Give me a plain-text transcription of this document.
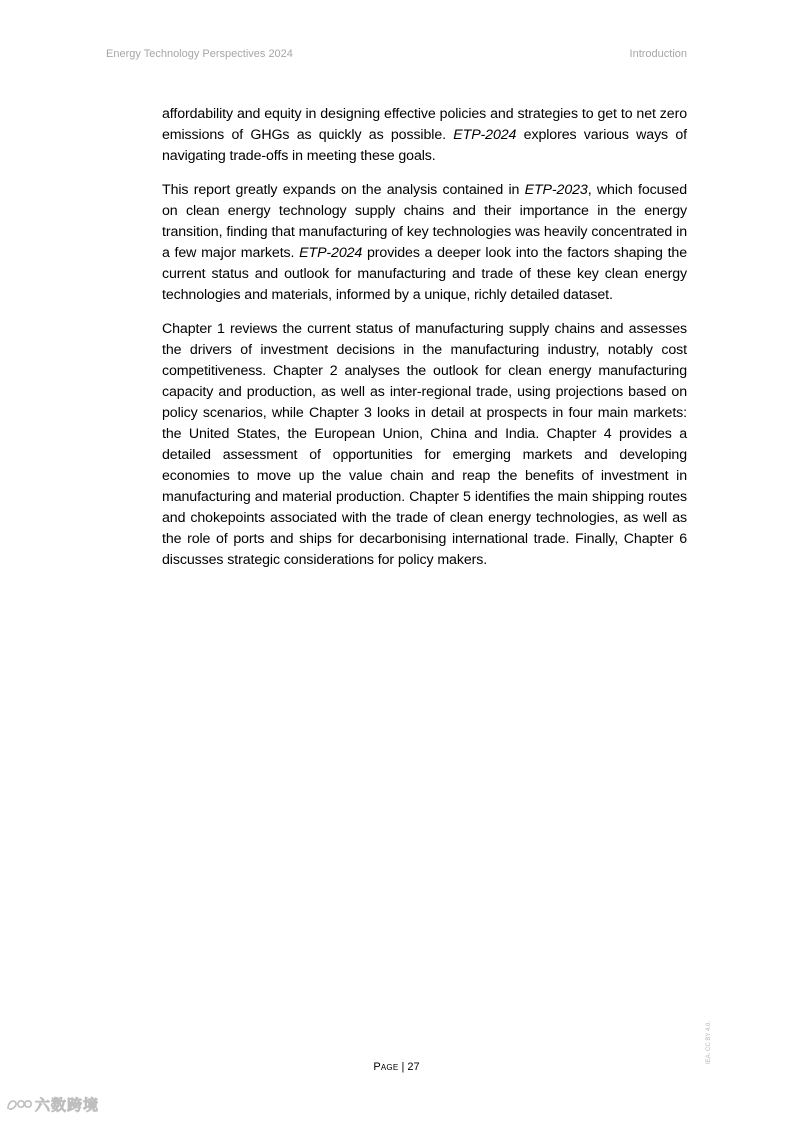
Energy Technology Perspectives 2024	Introduction

affordability and equity in designing effective policies and strategies to get to net zero emissions of GHGs as quickly as possible. ETP-2024 explores various ways of navigating trade-offs in meeting these goals.

This report greatly expands on the analysis contained in ETP-2023, which focused on clean energy technology supply chains and their importance in the energy transition, finding that manufacturing of key technologies was heavily concentrated in a few major markets. ETP-2024 provides a deeper look into the factors shaping the current status and outlook for manufacturing and trade of these key clean energy technologies and materials, informed by a unique, richly detailed dataset.

Chapter 1 reviews the current status of manufacturing supply chains and assesses the drivers of investment decisions in the manufacturing industry, notably cost competitiveness. Chapter 2 analyses the outlook for clean energy manufacturing capacity and production, as well as inter-regional trade, using projections based on policy scenarios, while Chapter 3 looks in detail at prospects in four main markets: the United States, the European Union, China and India. Chapter 4 provides a detailed assessment of opportunities for emerging markets and developing economies to move up the value chain and reap the benefits of investment in manufacturing and material production. Chapter 5 identifies the main shipping routes and chokepoints associated with the trade of clean energy technologies, as well as the role of ports and ships for decarbonising international trade. Finally, Chapter 6 discusses strategic considerations for policy makers.

Page | 27
IEA. CC BY 4.0.
六数跨境
